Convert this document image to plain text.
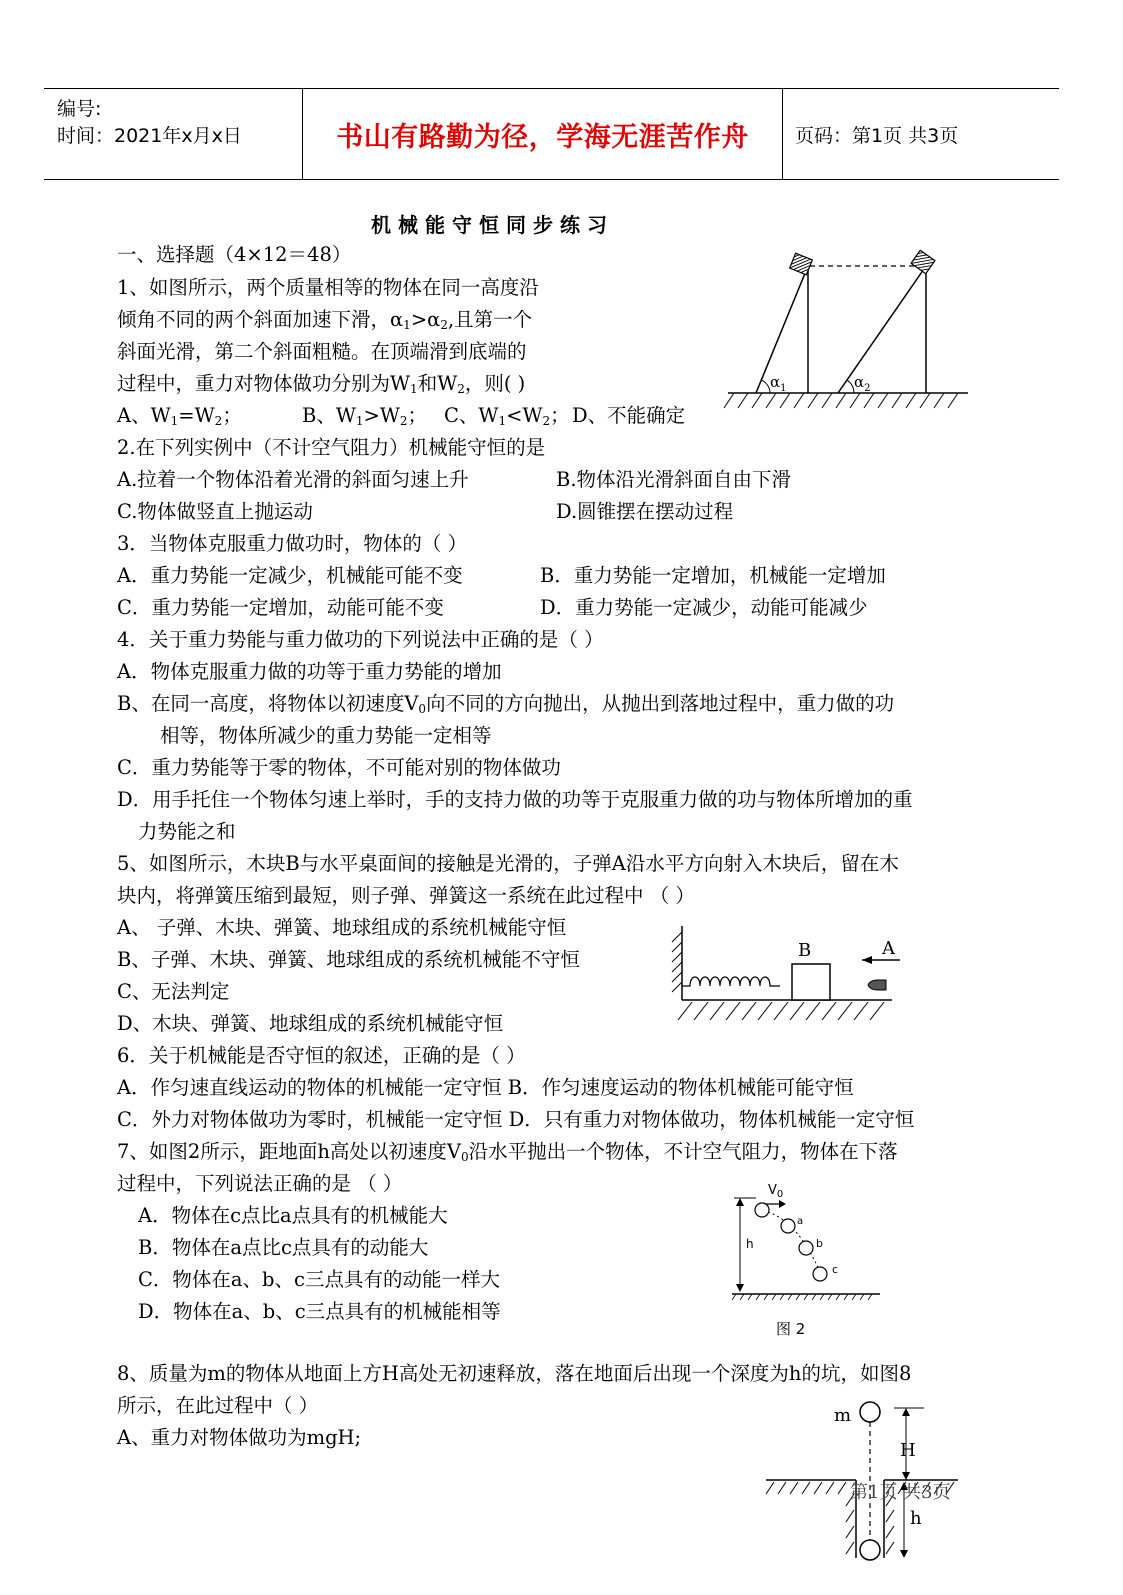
编号:
时间：2021年x月x日	书山有路勤为径，学海无涯苦作舟	页码：第1页 共3页
机械能守恒同步练习
一、选择题（4×12＝48）
1、如图所示，两个质量相等的物体在同一高度沿
倾角不同的两个斜面加速下滑，$\alpha_1>\alpha_2$,且第一个
斜面光滑，第二个斜面粗糙。在顶端滑到底端的
过程中，重力对物体做功分别为$W_1$和$W_2$，则( )
A、$W_1=W_2$；	B、$W_1>W_2$； C、$W_1<W_2$； D、不能确定
$\alpha_1$	$\alpha_2$
2.在下列实例中（不计空气阻力）机械能守恒的是
A.拉着一个物体沿着光滑的斜面匀速上升	B.物体沿光滑斜面自由下滑
C.物体做竖直上抛运动	D.圆锥摆在摆动过程
3．当物体克服重力做功时，物体的（ ）
A．重力势能一定减少，机械能可能不变	B．重力势能一定增加，机械能一定增加
C．重力势能一定增加，动能可能不变	D．重力势能一定减少，动能可能减少
4．关于重力势能与重力做功的下列说法中正确的是（ ）
A．物体克服重力做的功等于重力势能的增加
B、在同一高度，将物体以初速度$V_0$向不同的方向抛出，从抛出到落地过程中，重力做的功
相等，物体所减少的重力势能一定相等
C．重力势能等于零的物体，不可能对别的物体做功
D．用手托住一个物体匀速上举时，手的支持力做的功等于克服重力做的功与物体所增加的重
力势能之和
5、如图所示，木块B与水平桌面间的接触是光滑的，子弹A沿水平方向射入木块后，留在木
块内，将弹簧压缩到最短，则子弹、弹簧这一系统在此过程中 （ ）
A、 子弹、木块、弹簧、地球组成的系统机械能守恒
B、子弹、木块、弹簧、地球组成的系统机械能不守恒
C、无法判定
D、木块、弹簧、地球组成的系统机械能守恒
B	A
6．关于机械能是否守恒的叙述，正确的是（ ）
A．作匀速直线运动的物体的机械能一定守恒 B．作匀速度运动的物体机械能可能守恒
C．外力对物体做功为零时，机械能一定守恒 D．只有重力对物体做功，物体机械能一定守恒
7、如图2所示，距地面h高处以初速度$V_0$沿水平抛出一个物体，不计空气阻力，物体在下落
过程中，下列说法正确的是 （ ）
A．物体在c点比a点具有的机械能大
B．物体在a点比c点具有的动能大
C．物体在a、b、c三点具有的动能一样大
D．物体在a、b、c三点具有的机械能相等
h
$V_0$
a
b
c
图 2
8、质量为m的物体从地面上方H高处无初速释放，落在地面后出现一个深度为h的坑，如图8
所示，在此过程中（ ）
A、重力对物体做功为mgH;
m
H
h
第1页 共3页
